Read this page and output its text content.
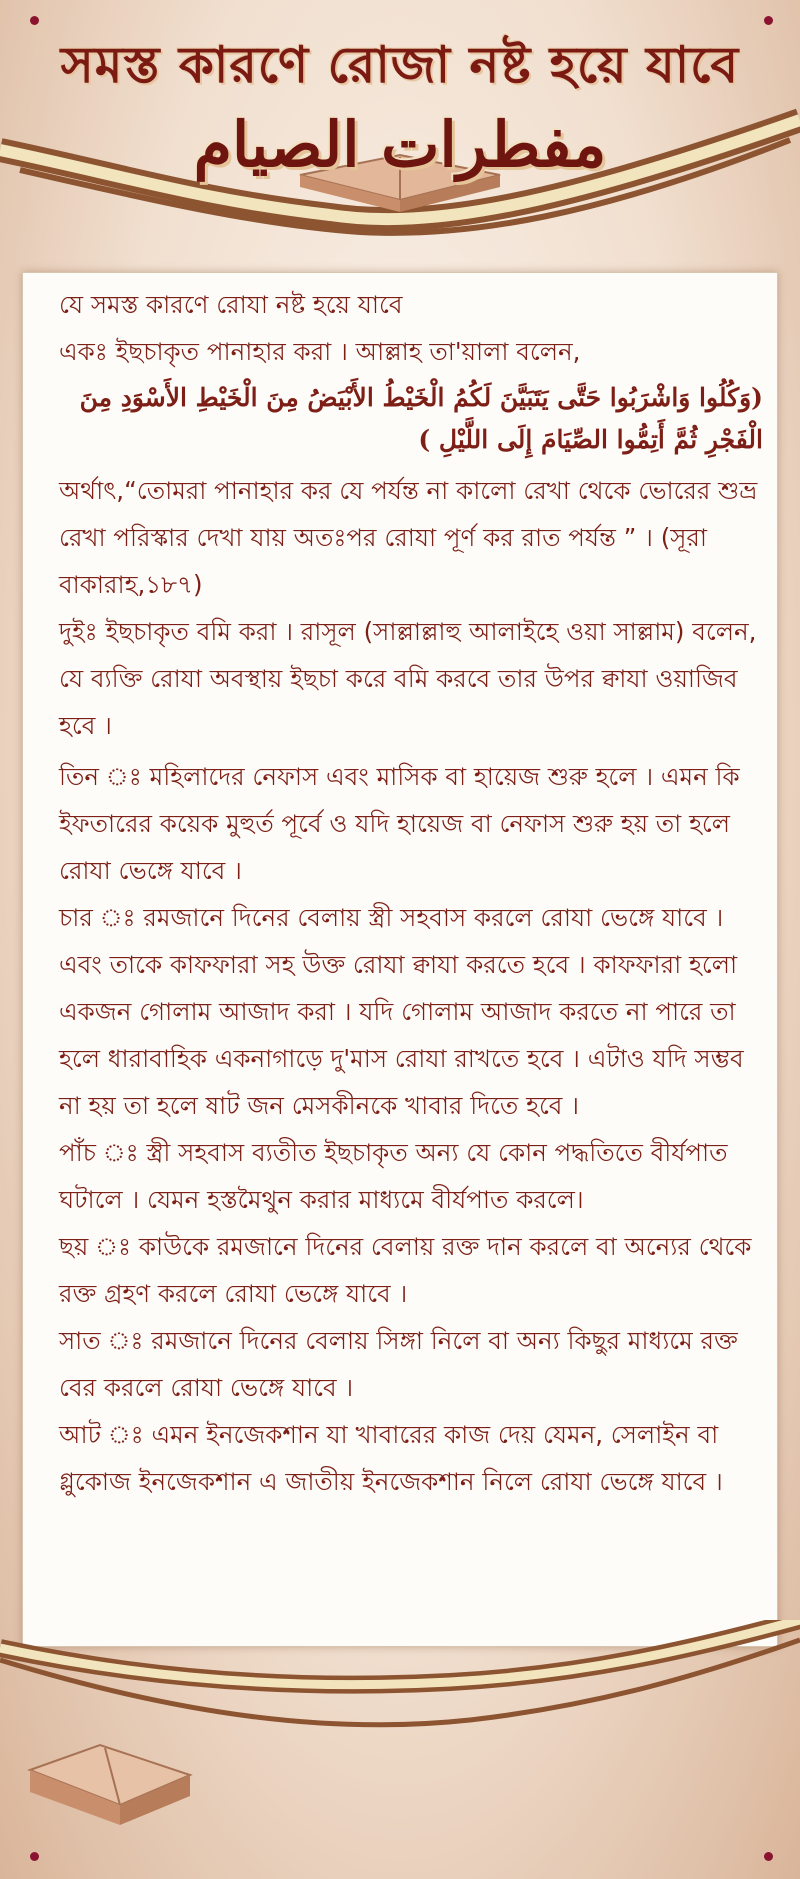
সমস্ত কারণে রোজা নষ্ট হয়ে যাবে
مفطرات الصيام

যে সমস্ত কারণে রোযা নষ্ট হয়ে যাবে

একঃ ইছচাকৃত পানাহার করা । আল্লাহ তা'য়ালা বলেন,

(وَكُلُوا وَاشْرَبُوا حَتَّى يَتَبَيَّنَ لَكُمُ الْخَيْطُ الأَبْيَضُ مِنَ الْخَيْطِ الأَسْوَدِ مِنَ الْفَجْرِ ثُمَّ أَتِمُّوا الصِّيَامَ إِلَى اللَّيْلِ )

অর্থাৎ,“তোমরা পানাহার কর যে পর্যন্ত না কালো রেখা থেকে ভোরের শুভ্র রেখা পরিস্কার দেখা যায় অতঃপর রোযা পূর্ণ কর রাত পর্যন্ত ” । (সূরা বাকারাহ,১৮৭)

দুইঃ ইছচাকৃত বমি করা । রাসূল (সাল্লাল্লাহু আলাইহে ওয়া সাল্লাম) বলেন, যে ব্যক্তি রোযা অবস্থায় ইছচা করে বমি করবে তার উপর ক্বাযা ওয়াজিব হবে ।

তিন ঃ মহিলাদের নেফাস এবং মাসিক বা হায়েজ শুরু হলে । এমন কি ইফতারের কয়েক মুহুর্ত পূর্বে ও যদি হায়েজ বা নেফাস শুরু হয় তা হলে রোযা ভেঙ্গে যাবে ।

চার ঃ রমজানে দিনের বেলায় স্ত্রী সহবাস করলে রোযা ভেঙ্গে যাবে । এবং তাকে কাফফারা সহ উক্ত রোযা ক্বাযা করতে হবে । কাফফারা হলো একজন গোলাম আজাদ করা । যদি গোলাম আজাদ করতে না পারে তা হলে ধারাবাহিক একনাগাড়ে দু'মাস রোযা রাখতে হবে । এটাও যদি সম্ভব না হয় তা হলে ষাট জন মেসকীনকে খাবার দিতে হবে ।

পাঁচ ঃ স্ত্রী সহবাস ব্যতীত ইছচাকৃত অন্য যে কোন পদ্ধতিতে বীর্যপাত ঘটালে । যেমন হস্তমৈথুন করার মাধ্যমে বীর্যপাত করলে।

ছয় ঃ কাউকে রমজানে দিনের বেলায় রক্ত দান করলে বা অন্যের থেকে রক্ত গ্রহণ করলে রোযা ভেঙ্গে যাবে ।

সাত ঃ রমজানে দিনের বেলায় সিঙ্গা নিলে বা অন্য কিছুর মাধ্যমে রক্ত বের করলে রোযা ভেঙ্গে যাবে ।

আট ঃ এমন ইনজেকশান যা খাবারের কাজ দেয় যেমন, সেলাইন বা গ্লুকোজ ইনজেকশান এ জাতীয় ইনজেকশান নিলে রোযা ভেঙ্গে যাবে ।
